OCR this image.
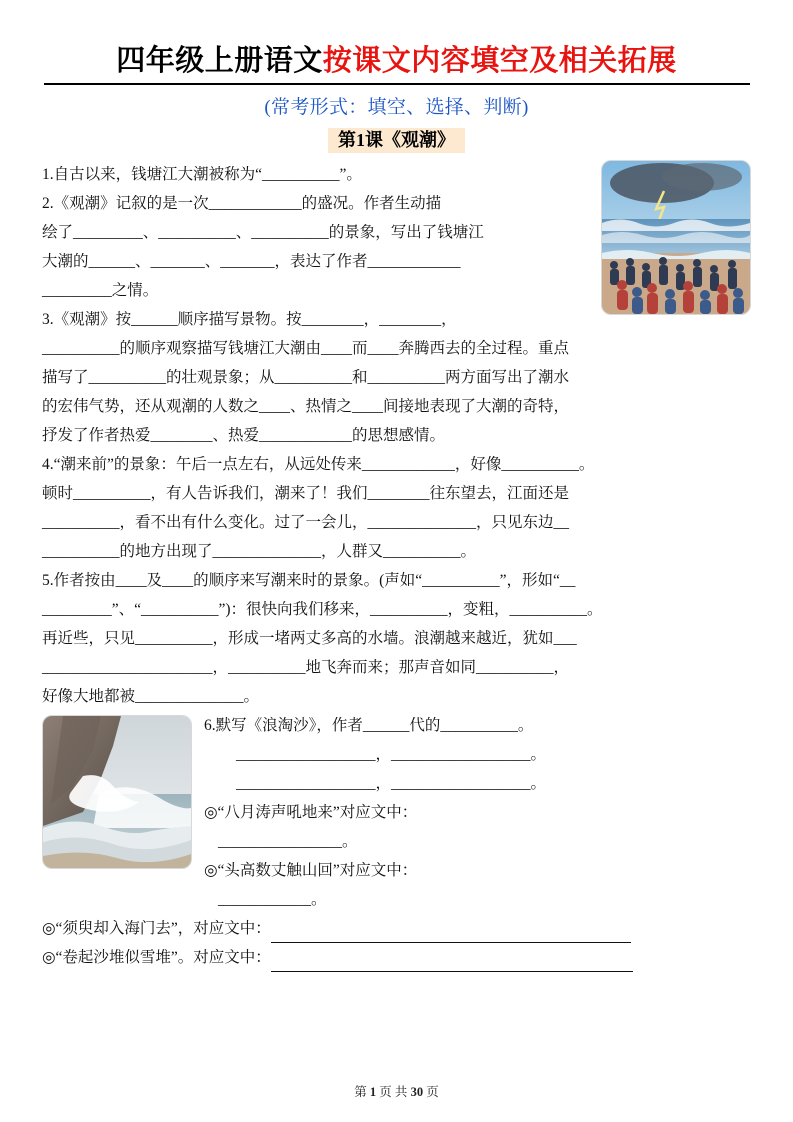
四年级上册语文 按课文内容填空及相关拓展
(常考形式：填空、选择、判断)
第1课《观潮》

1.自古以来，钱塘江大潮被称为“__________”。

2.《观潮》记叙的是一次____________的盛况。作者生动描

绘了_________、__________、__________的景象，写出了钱塘江

大潮的______、_______、_______，表达了作者____________

_________之情。

3.《观潮》按______顺序描写景物。按________，________，

__________的顺序观察描写钱塘江大潮由____而____奔腾西去的全过程。重点

描写了__________的壮观景象；从__________和__________两方面写出了潮水

的宏伟气势，还从观潮的人数之____、热情之____间接地表现了大潮的奇特，

抒发了作者热爱________、热爱____________的思想感情。

4.“潮来前”的景象：午后一点左右，从远处传来____________，好像__________。

顿时__________，有人告诉我们，潮来了！我们________往东望去，江面还是

__________，看不出有什么变化。过了一会儿，______________，只见东边__

__________的地方出现了______________，人群又__________。

5.作者按由____及____的顺序来写潮来时的景象。(声如“__________”，形如“__

_________”、“__________”)：很快向我们移来，__________，变粗，__________。

再近些，只见__________，形成一堵两丈多高的水墙。浪潮越来越近，犹如___

______________________，__________地飞奔而来；那声音如同__________，

好像大地都被______________。

6.默写《浪淘沙》，作者______代的__________。

__________________，__________________。

__________________，__________________。

◎“八月涛声吼地来”对应文中：

________________。

◎“头高数丈触山回”对应文中：

____________。

◎“须臾却入海门去”，对应文中：

◎“卷起沙堆似雪堆”。对应文中：

第 1 页 共 30 页
